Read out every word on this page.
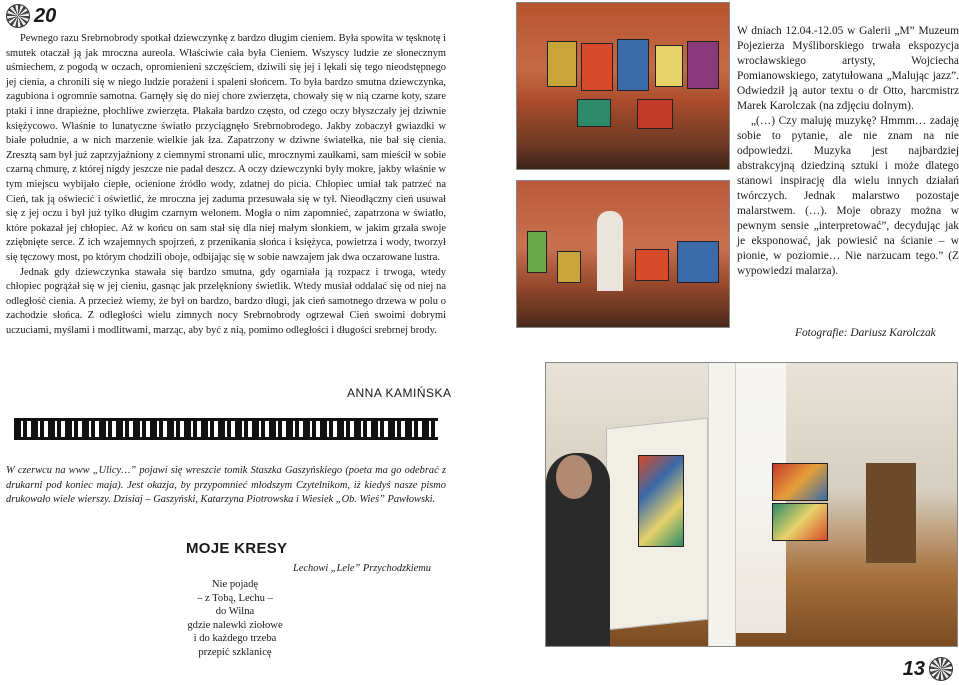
20

Pewnego razu Srebrnobrody spotkał dziewczynkę z bardzo długim cieniem. Była spowita w tęsknotę i smutek otaczał ją jak mroczna aureola. Właściwie cała była Cieniem. Wszyscy ludzie ze słonecznym uśmiechem, z pogodą w oczach, opromienieni szczęściem, dziwili się jej i lękali się tego nieodstępnego jej cienia, a chronili się w niego ludzie porażeni i spaleni słońcem. To była bardzo smutna dziewczynka, zagubiona i ogromnie samotna. Garnęły się do niej chore zwierzęta, chowały się w nią czarne koty, szare ptaki i inne drapieżne, płochliwe zwierzęta. Płakała bardzo często, od czego oczy błyszczały jej dziwnie księżycowo. Właśnie to lunatyczne światło przyciągnęło Srebrnobrodego. Jakby zobaczył gwiazdki w białe południe, a w nich marzenie wielkie jak łza. Zapatrzony w dziwne światełka, nie bał się cienia. Zresztą sam był już zaprzyjaźniony z ciemnymi stronami ulic, mrocznymi zaułkami, sam mieścił w sobie czarną chmurę, z której nigdy jeszcze nie padał deszcz. A oczy dziewczynki były mokre, jakby właśnie w tym miejscu wybijało ciepłe, ocienione źródło wody, zdatnej do picia. Chłopiec umiał tak patrzeć na Cień, tak ją oświecić i oświetlić, że mroczna jej zaduma przesuwała się w tył. Nieodłączny cień usuwał się z jej oczu i był już tylko długim czarnym welonem. Mogła o nim zapomnieć, zapatrzona w światło, które pokazał jej chłopiec. Aż w końcu on sam stał się dla niej małym słonkiem, w jakim grzała swoje zziębnięte serce. Z ich wzajemnych spojrzeń, z przenikania słońca i księżyca, powietrza i wody, tworzył się tęczowy most, po którym chodzili oboje, odbijając się w sobie nawzajem jak dwa oczarowane lustra.

Jednak gdy dziewczynka stawała się bardzo smutna, gdy ogarniała ją rozpacz i trwoga, wtedy chłopiec pogrążał się w jej cieniu, gasnąc jak przelękniony świetlik. Wtedy musiał oddalać się od niej na odległość cienia. A przecież wiemy, że był on bardzo, bardzo długi, jak cień samotnego drzewa w polu o zachodzie słońca. Z odległości wielu zimnych nocy Srebrnobrody ogrzewał Cień swoimi dobrymi uczuciami, myślami i modlitwami, marząc, aby być z nią, pomimo odległości i długości srebrnej brody.

ANNA KAMIŃSKA
W czerwcu na www „Ulicy…” pojawi się wreszcie tomik Staszka Gaszyńskiego (poeta ma go odebrać z drukarni pod koniec maja). Jest okazja, by przypomnieć młodszym Czytelnikom, iż kiedyś nasze pismo drukowało wiele wierszy. Dzisiaj – Gaszyński, Katarzyna Piotrowska i Wiesiek „Ob. Wieś” Pawłowski.
MOJE KRESY
Lechowi „Lele” Przychodzkiemu
Nie pojadę
– z Tobą, Lechu –
do Wilna
gdzie nalewki ziołowe
i do każdego trzeba
przepić szklanicę

W dniach 12.04.-12.05 w Galerii „M” Muzeum Pojezierza Myśliborskiego trwała ekspozycja wrocławskiego artysty, Wojciecha Pomianowskiego, zatytułowana „Malując jazz”. Odwiedził ją autor textu o dr Otto, harcmistrz Marek Karolczak (na zdjęciu dolnym).

„(…) Czy maluję muzykę? Hmmm… zadaję sobie to pytanie, ale nie znam na nie odpowiedzi. Muzyka jest najbardziej abstrakcyjną dziedziną sztuki i może dlatego stanowi inspirację dla wielu innych działań twórczych. Jednak malarstwo pozostaje malarstwem. (…). Moje obrazy można w pewnym sensie „interpretować”, decydując jak je eksponować, jak powiesić na ścianie – w pionie, w poziomie… Nie narzucam tego.” (Z wypowiedzi malarza).

Fotografie: Dariusz Karolczak
13
